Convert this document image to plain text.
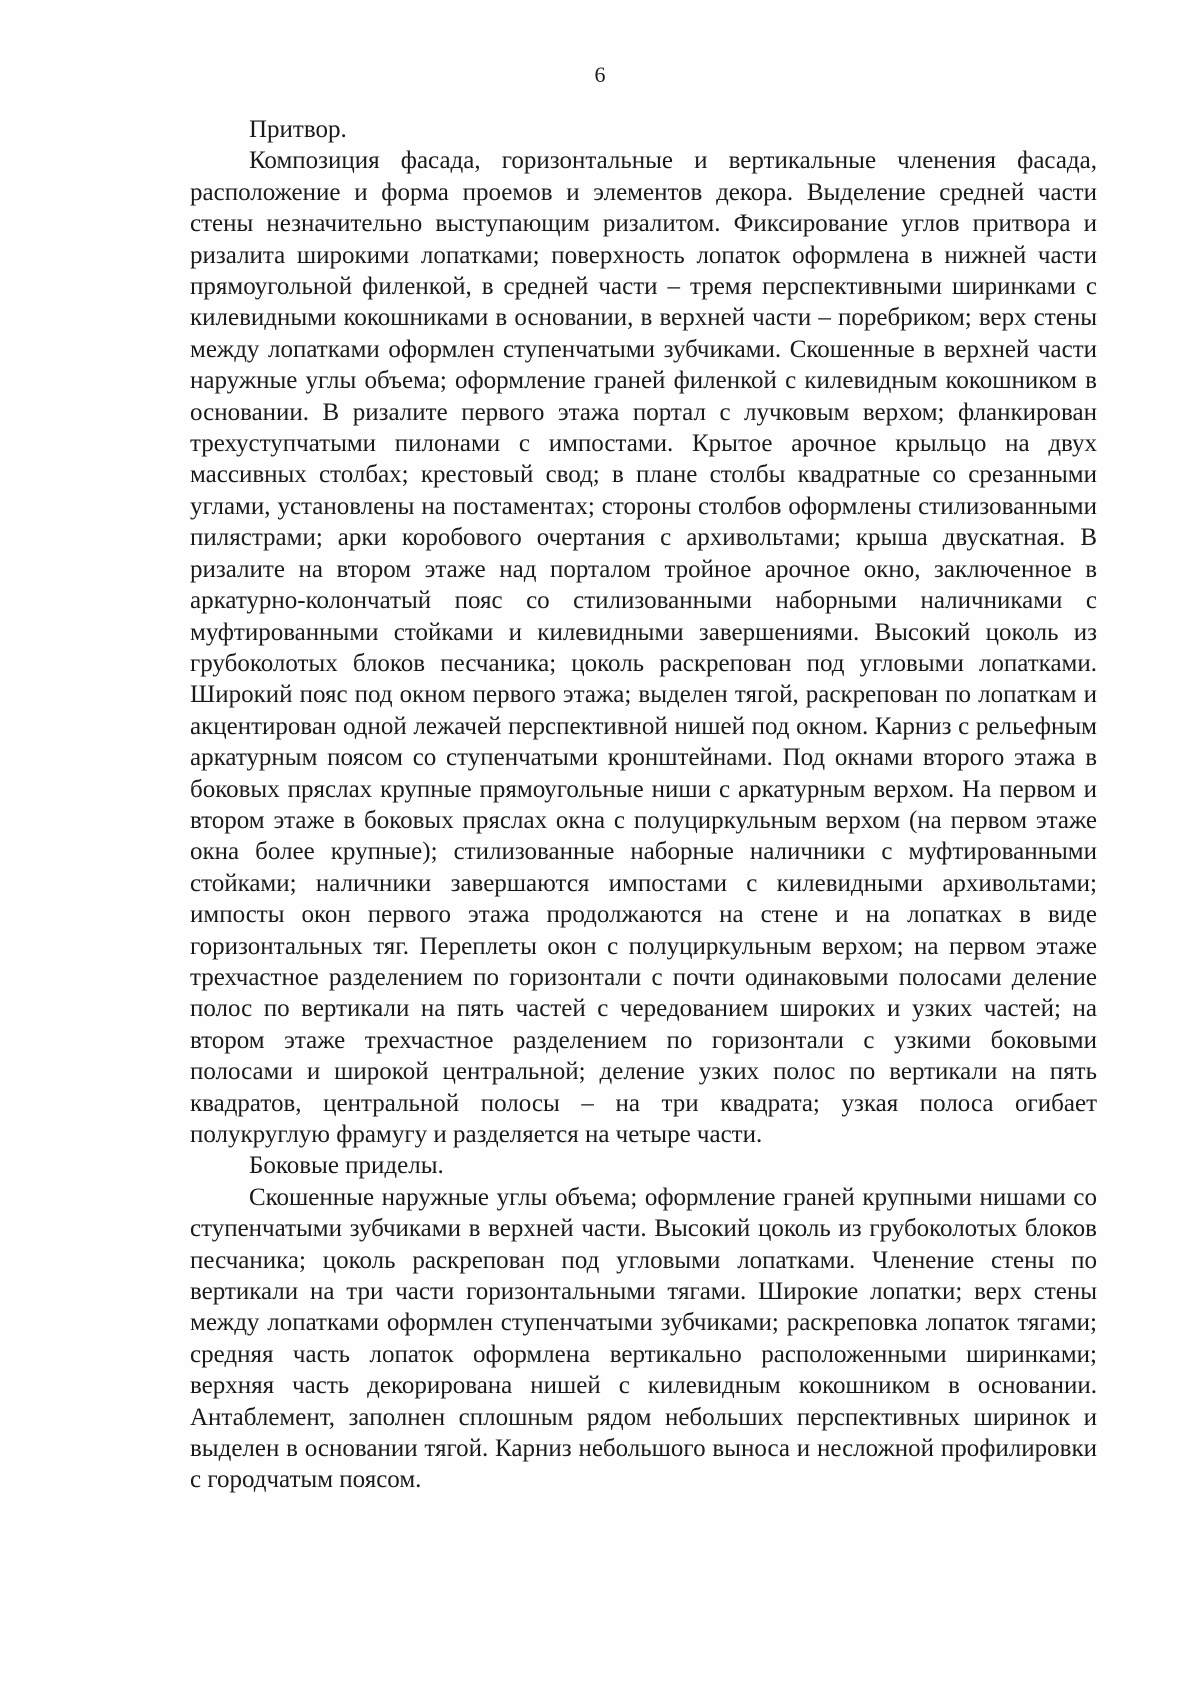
6

Притвор.

Композиция фасада, горизонтальные и вертикальные членения фасада, расположение и форма проемов и элементов декора. Выделение средней части стены незначительно выступающим ризалитом. Фиксирование углов притвора и ризалита широкими лопатками; поверхность лопаток оформлена в нижней части прямоугольной филенкой, в средней части – тремя перспективными ширинками с килевидными кокошниками в основании, в верхней части – поребриком; верх стены между лопатками оформлен ступенчатыми зубчиками. Скошенные в верхней части наружные углы объема; оформление граней филенкой с килевидным кокошником в основании. В ризалите первого этажа портал с лучковым верхом; фланкирован трехуступчатыми пилонами с импостами. Крытое арочное крыльцо на двух массивных столбах; крестовый свод; в плане столбы квадратные со срезанными углами, установлены на постаментах; стороны столбов оформлены стилизованными пилястрами; арки коробового очертания с архивольтами; крыша двускатная. В ризалите на втором этаже над порталом тройное арочное окно, заключенное в аркатурно-колончатый пояс со стилизованными наборными наличниками с муфтированными стойками и килевидными завершениями. Высокий цоколь из грубоколотых блоков песчаника; цоколь раскрепован под угловыми лопатками. Широкий пояс под окном первого этажа; выделен тягой, раскрепован по лопаткам и акцентирован одной лежачей перспективной нишей под окном. Карниз с рельефным аркатурным поясом со ступенчатыми кронштейнами. Под окнами второго этажа в боковых пряслах крупные прямоугольные ниши с аркатурным верхом. На первом и втором этаже в боковых пряслах окна с полуциркульным верхом (на первом этаже окна более крупные); стилизованные наборные наличники с муфтированными стойками; наличники завершаются импостами с килевидными архивольтами; импосты окон первого этажа продолжаются на стене и на лопатках в виде горизонтальных тяг. Переплеты окон с полуциркульным верхом; на первом этаже трехчастное разделением по горизонтали с почти одинаковыми полосами деление полос по вертикали на пять частей с чередованием широких и узких частей; на втором этаже трехчастное разделением по горизонтали с узкими боковыми полосами и широкой центральной; деление узких полос по вертикали на пять квадратов, центральной полосы – на три квадрата; узкая полоса огибает полукруглую фрамугу и разделяется на четыре части.

Боковые приделы.

Скошенные наружные углы объема; оформление граней крупными нишами со ступенчатыми зубчиками в верхней части. Высокий цоколь из грубоколотых блоков песчаника; цоколь раскрепован под угловыми лопатками. Членение стены по вертикали на три части горизонтальными тягами. Широкие лопатки; верх стены между лопатками оформлен ступенчатыми зубчиками; раскреповка лопаток тягами; средняя часть лопаток оформлена вертикально расположенными ширинками; верхняя часть декорирована нишей с килевидным кокошником в основании. Антаблемент, заполнен сплошным рядом небольших перспективных ширинок и выделен в основании тягой. Карниз небольшого выноса и несложной профилировки с городчатым поясом.
